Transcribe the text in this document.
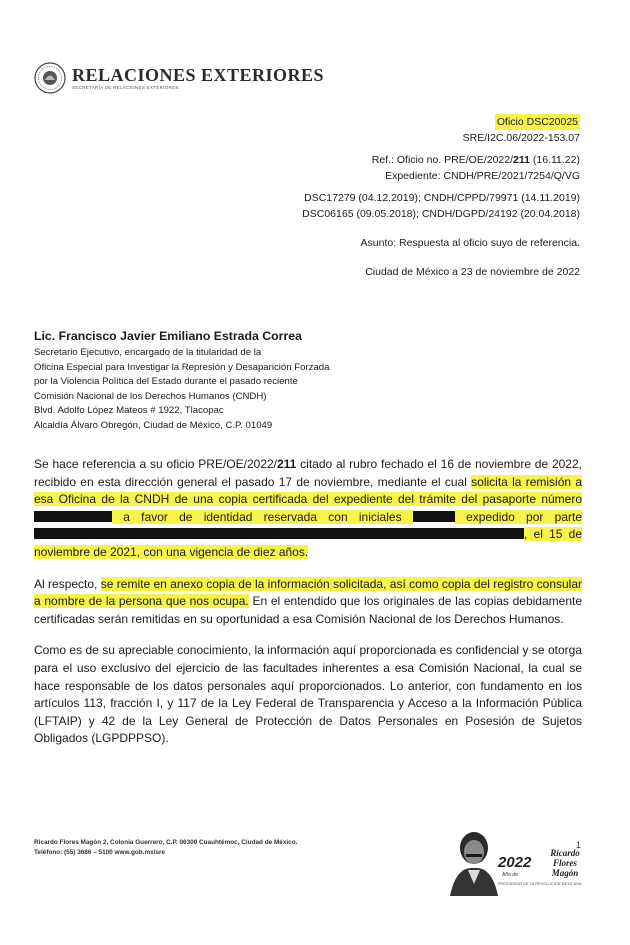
RELACIONES EXTERIORES
SECRETARÍA DE RELACIONES EXTERIORES
Oficio DSC20025
SRE/I2C.06/2022-153.07
Ref.: Oficio no. PRE/OE/2022/211 (16.11.22)
Expediente: CNDH/PRE/2021/7254/Q/VG
DSC17279 (04.12.2019); CNDH/CPPD/79971 (14.11.2019)
DSC06165 (09.05.2018); CNDH/DGPD/24192 (20.04.2018)
Asunto: Respuesta al oficio suyo de referencia.
Ciudad de México a 23 de noviembre de 2022
Lic. Francisco Javier Emiliano Estrada Correa
Secretario Ejecutivo, encargado de la titularidad de la
Oficina Especial para Investigar la Represión y Desaparición Forzada
por la Violencia Política del Estado durante el pasado reciente
Comisión Nacional de los Derechos Humanos (CNDH)
Blvd. Adolfo López Mateos # 1922, Tlacopac
Alcaldía Álvaro Obregón, Ciudad de México, C.P. 01049

Se hace referencia a su oficio PRE/OE/2022/211 citado al rubro fechado el 16 de noviembre de 2022, recibido en esta dirección general el pasado 17 de noviembre, mediante el cual solicita la remisión a esa Oficina de la CNDH de una copia certificada del expediente del trámite del pasaporte número  a favor de identidad reservada con iniciales	expedido por parte , el 15 de noviembre de 2021, con una vigencia de diez años.

Al respecto, se remite en anexo copia de la información solicitada, así como copia del registro consular a nombre de la persona que nos ocupa. En el entendido que los originales de las copias debidamente certificadas serán remitidas en su oportunidad a esa Comisión Nacional de los Derechos Humanos.

Como es de su apreciable conocimiento, la información aquí proporcionada es confidencial y se otorga para el uso exclusivo del ejercicio de las facultades inherentes a esa Comisión Nacional, la cual se hace responsable de los datos personales aquí proporcionados. Lo anterior, con fundamento en los artículos 113, fracción I, y 117 de la Ley Federal de Transparencia y Acceso a la Información Pública (LFTAIP) y 42 de la Ley General de Protección de Datos Personales en Posesión de Sujetos Obligados (LGPDPPSO).

Ricardo Flores Magón 2, Colonia Guerrero, C.P. 06300 Cuauhtémoc, Ciudad de México.
Teléfono: (55) 3686 – 5100 www.gob.mx/sre
1
2022
Año de
Ricardo Flores Magón
PRECURSOR DE LA REVOLUCIÓN MEXICANA
